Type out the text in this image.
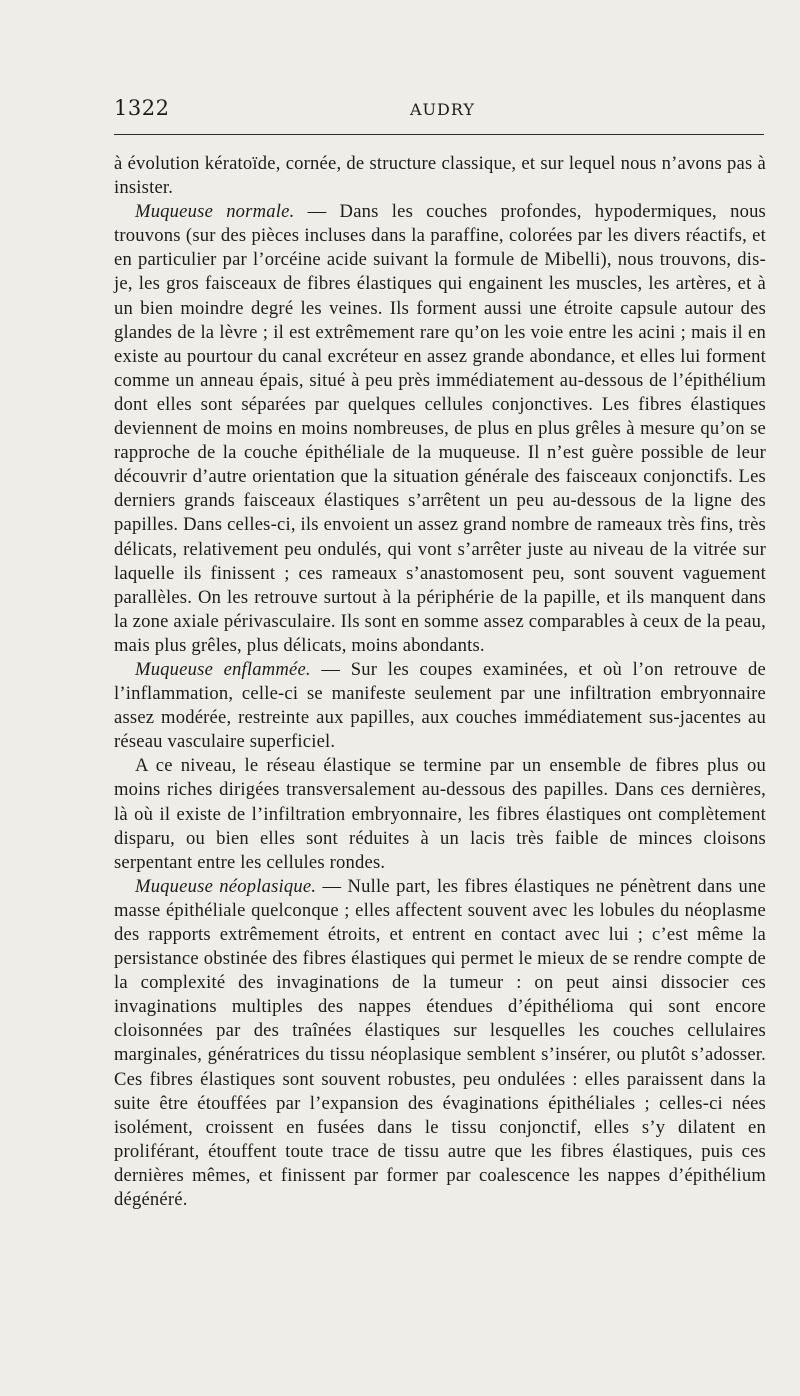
1322	AUDRY

à évolution kératoïde, cornée, de structure classique, et sur lequel nous n’avons pas à insister.

Muqueuse normale. — Dans les couches profondes, hypodermiques, nous trouvons (sur des pièces incluses dans la paraffine, colorées par les divers réactifs, et en particulier par l’orcéine acide suivant la formule de Mibelli), nous trouvons, dis-je, les gros faisceaux de fibres élastiques qui engainent les muscles, les artères, et à un bien moindre degré les veines. Ils forment aussi une étroite capsule autour des glandes de la lèvre ; il est extrêmement rare qu’on les voie entre les acini ; mais il en existe au pourtour du canal excréteur en assez grande abondance, et elles lui forment comme un anneau épais, situé à peu près immédiatement au-dessous de l’épithélium dont elles sont séparées par quelques cellules conjonctives. Les fibres élastiques deviennent de moins en moins nombreuses, de plus en plus grêles à mesure qu’on se rapproche de la couche épithéliale de la muqueuse. Il n’est guère possible de leur découvrir d’autre orientation que la situation générale des faisceaux conjonctifs. Les derniers grands faisceaux élastiques s’arrêtent un peu au-dessous de la ligne des papilles. Dans celles-ci, ils envoient un assez grand nombre de rameaux très fins, très délicats, relativement peu ondulés, qui vont s’arrêter juste au niveau de la vitrée sur laquelle ils finissent ; ces rameaux s’anastomosent peu, sont souvent vaguement parallèles. On les retrouve surtout à la périphérie de la papille, et ils manquent dans la zone axiale périvasculaire. Ils sont en somme assez comparables à ceux de la peau, mais plus grêles, plus délicats, moins abondants.

Muqueuse enflammée. — Sur les coupes examinées, et où l’on retrouve de l’inflammation, celle-ci se manifeste seulement par une infiltration embryonnaire assez modérée, restreinte aux papilles, aux couches immédiatement sus-jacentes au réseau vasculaire superficiel.

A ce niveau, le réseau élastique se termine par un ensemble de fibres plus ou moins riches dirigées transversalement au-dessous des papilles. Dans ces dernières, là où il existe de l’infiltration embryonnaire, les fibres élastiques ont complètement disparu, ou bien elles sont réduites à un lacis très faible de minces cloisons serpentant entre les cellules rondes.

Muqueuse néoplasique. — Nulle part, les fibres élastiques ne pénètrent dans une masse épithéliale quelconque ; elles affectent souvent avec les lobules du néoplasme des rapports extrêmement étroits, et entrent en contact avec lui ; c’est même la persistance obstinée des fibres élastiques qui permet le mieux de se rendre compte de la complexité des invaginations de la tumeur : on peut ainsi dissocier ces invaginations multiples des nappes étendues d’épithélioma qui sont encore cloisonnées par des traînées élastiques sur lesquelles les couches cellulaires marginales, génératrices du tissu néoplasique semblent s’insérer, ou plutôt s’adosser. Ces fibres élastiques sont souvent robustes, peu ondulées : elles paraissent dans la suite être étouffées par l’expansion des évaginations épithéliales ; celles-ci nées isolément, croissent en fusées dans le tissu conjonctif, elles s’y dilatent en proliférant, étouffent toute trace de tissu autre que les fibres élastiques, puis ces dernières mêmes, et finissent par former par coalescence les nappes d’épithélium dégénéré.
